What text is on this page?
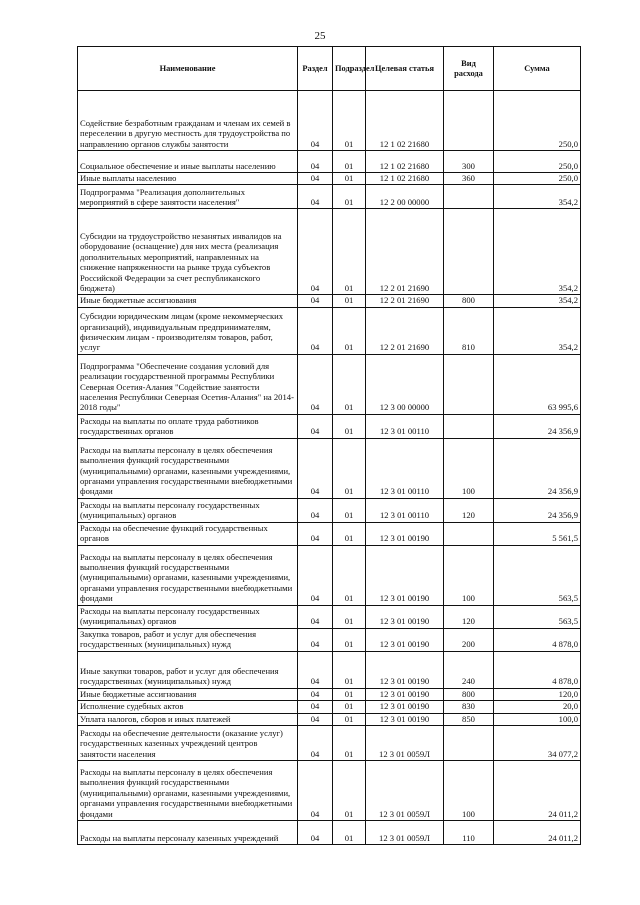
25
Наименование	Раздел	Подраздел	Целевая статья	Вид расхода	Сумма
Содействие безработным гражданам и членам их семей в переселении в другую местность для трудоустройства по направлению органов службы занятости	04	01	12 1 02 21680		250,0
Социальное обеспечение и иные выплаты населению	04	01	12 1 02 21680	300	250,0
Иные выплаты населению	04	01	12 1 02 21680	360	250,0
Подпрограмма "Реализация дополнительных мероприятий в сфере занятости населения"	04	01	12 2 00 00000		354,2
Субсидии на трудоустройство незанятых инвалидов на оборудование (оснащение) для них места (реализация дополнительных мероприятий, направленных на снижение напряженности на рынке труда субъектов Российской Федерации за счет республиканского бюджета)	04	01	12 2 01 21690		354,2
Иные бюджетные ассигнования	04	01	12 2 01 21690	800	354,2
Субсидии юридическим лицам (кроме некоммерческих организаций), индивидуальным предпринимателям, физическим лицам - производителям товаров, работ, услуг	04	01	12 2 01 21690	810	354,2
Подпрограмма "Обеспечение создания условий для реализации государственной программы Республики Северная Осетия-Алания "Содействие занятости населения Республики Северная Осетия-Алания" на 2014-2018 годы"	04	01	12 3 00 00000		63 995,6
Расходы на выплаты по оплате труда работников государственных органов	04	01	12 3 01 00110		24 356,9
Расходы на выплаты персоналу в целях обеспечения выполнения функций государственными (муниципальными) органами, казенными учреждениями, органами управления государственными внебюджетными фондами	04	01	12 3 01 00110	100	24 356,9
Расходы на выплаты персоналу государственных (муниципальных) органов	04	01	12 3 01 00110	120	24 356,9
Расходы на обеспечение функций государственных органов	04	01	12 3 01 00190		5 561,5
Расходы на выплаты персоналу в целях обеспечения выполнения функций государственными (муниципальными) органами, казенными учреждениями, органами управления государственными внебюджетными фондами	04	01	12 3 01 00190	100	563,5
Расходы на выплаты персоналу государственных (муниципальных) органов	04	01	12 3 01 00190	120	563,5
Закупка товаров, работ и услуг для обеспечения государственных (муниципальных) нужд	04	01	12 3 01 00190	200	4 878,0
Иные закупки товаров, работ и услуг для обеспечения государственных (муниципальных) нужд	04	01	12 3 01 00190	240	4 878,0
Иные бюджетные ассигнования	04	01	12 3 01 00190	800	120,0
Исполнение судебных актов	04	01	12 3 01 00190	830	20,0
Уплата налогов, сборов и иных платежей	04	01	12 3 01 00190	850	100,0
Расходы на обеспечение деятельности (оказание услуг) государственных казенных учреждений центров занятости населения	04	01	12 3 01 0059Л		34 077,2
Расходы на выплаты персоналу в целях обеспечения выполнения функций государственными (муниципальными) органами, казенными учреждениями, органами управления государственными внебюджетными фондами	04	01	12 3 01 0059Л	100	24 011,2
Расходы на выплаты персоналу казенных учреждений	04	01	12 3 01 0059Л	110	24 011,2
